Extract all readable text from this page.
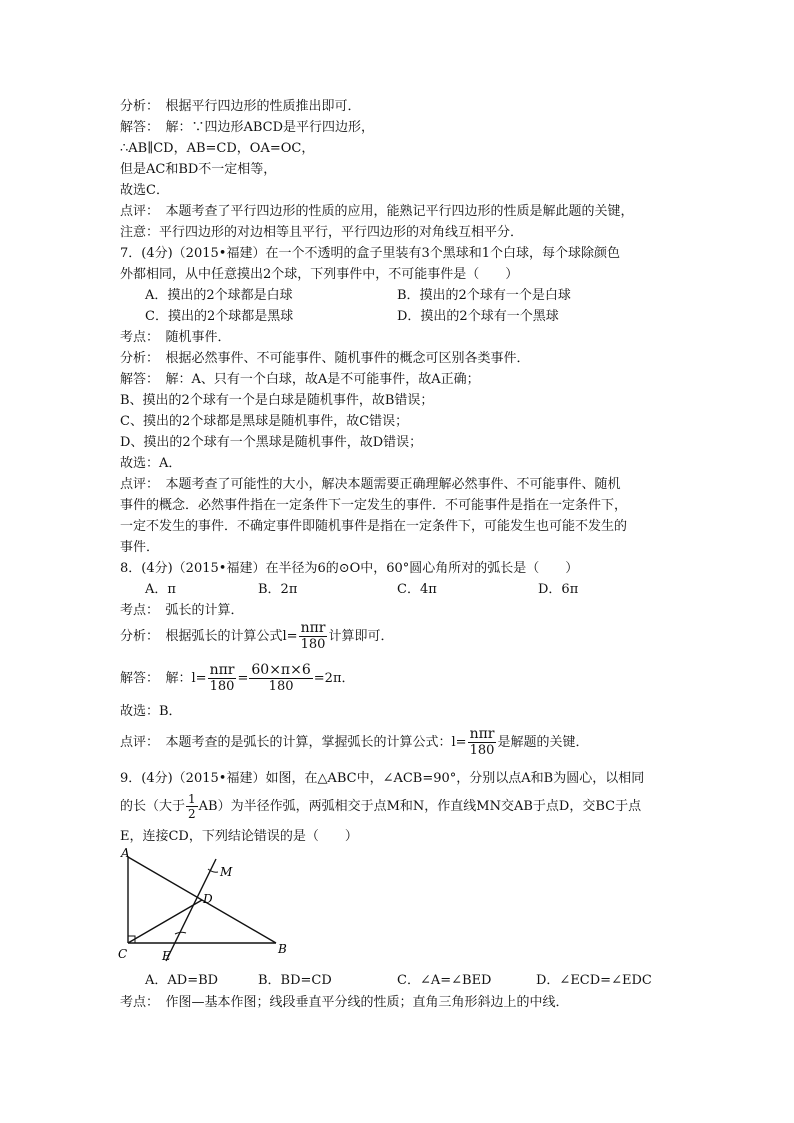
分析：　根据平行四边形的性质推出即可．
解答：　解：∵四边形ABCD是平行四边形，
∴AB∥CD，AB=CD，OA=OC，
但是AC和BD不一定相等，
故选C．
点评：　本题考查了平行四边形的性质的应用，能熟记平行四边形的性质是解此题的关键，
注意：平行四边形的对边相等且平行，平行四边形的对角线互相平分．
7．(4分)（2015•福建）在一个不透明的盒子里装有3个黑球和1个白球，每个球除颜色
外都相同，从中任意摸出2个球，下列事件中，不可能事件是（　　）
A．摸出的2个球都是白球	B．摸出的2个球有一个是白球
C．摸出的2个球都是黑球	D．摸出的2个球有一个黑球
考点：　随机事件．
分析：　根据必然事件、不可能事件、随机事件的概念可区别各类事件．
解答：　解：A、只有一个白球，故A是不可能事件，故A正确；
B、摸出的2个球有一个是白球是随机事件，故B错误；
C、摸出的2个球都是黑球是随机事件，故C错误；
D、摸出的2个球有一个黑球是随机事件，故D错误；
故选：A．
点评：　本题考查了可能性的大小，解决本题需要正确理解必然事件、不可能事件、随机
事件的概念．必然事件指在一定条件下一定发生的事件．不可能事件是指在一定条件下，
一定不发生的事件．不确定事件即随机事件是指在一定条件下，可能发生也可能不发生的
事件．
8．(4分)（2015•福建）在半径为6的⊙O中，60°圆心角所对的弧长是（　　）
A．π	B．2π	C．4π	D．6π
考点：　弧长的计算．
分析：　根据弧长的计算公式$l= \frac{\text{nπr}}{180}$ 计算即可．
解答：　解：$l= \frac{\text{nπr}}{180} = \frac{60\times\pi\times 6}{180} =2\pi$．
故选：B．
点评：　本题考查的是弧长的计算，掌握弧长的计算公式：$l= \frac{\text{nπr}}{180}$ 是解题的关键．
9．(4分)（2015•福建）如图，在△ABC中，∠ACB=90°，分别以点A和B为圆心，以相同
的长（大于 $\frac{1}{2} AB$）为半径作弧，两弧相交于点M和N，作直线MN交AB于点D，交BC于点
E，连接CD，下列结论错误的是（　　）
A
B
C
D
E
M
A．AD=BD	B．BD=CD	C．∠A=∠BED	D．∠ECD=∠EDC
考点：　作图—基本作图；线段垂直平分线的性质；直角三角形斜边上的中线．
